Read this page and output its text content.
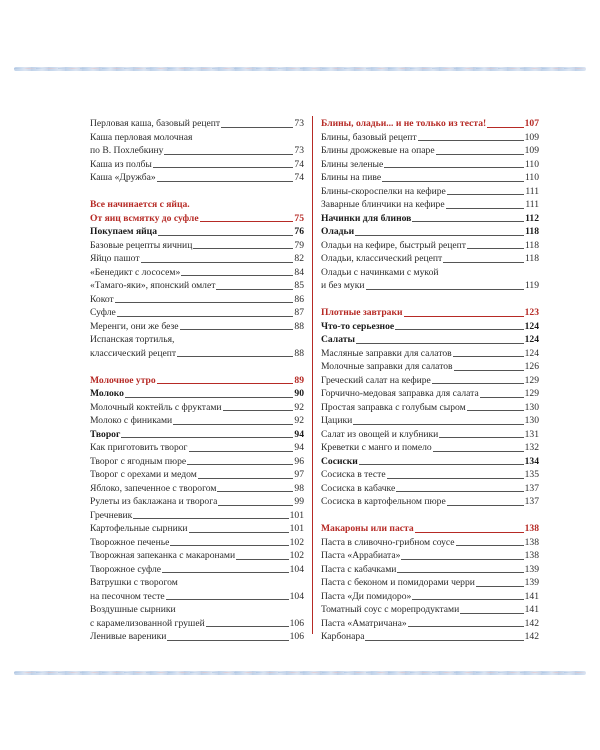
Перловая каша, базовый рецепт	73
Каша перловая молочная
по В. Похлебкину	73
Каша из полбы	74
Каша «Дружба»	74
Все начинается с яйца.
От яиц всмятку до суфле	75
Покупаем яйца	76
Базовые рецепты яичниц	79
Яйцо пашот	82
«Бенедикт с лососем»	84
«Тамаго-яки», японский омлет	85
Кокот	86
Суфле	87
Меренги, они же безе	88
Испанская тортилья,
классический рецепт	88
Молочное утро	89
Молоко	90
Молочный коктейль с фруктами	92
Молоко с финиками	92
Творог	94
Как приготовить творог	94
Творог с ягодным пюре	96
Творог с орехами и медом	97
Яблоко, запеченное с творогом	98
Рулеты из баклажана и творога	99
Гречневик	101
Картофельные сырники	101
Творожное печенье	102
Творожная запеканка с макаронами	102
Творожное суфле	104
Ватрушки с творогом
на песочном тесте	104
Воздушные сырники
с карамелизованной грушей	106
Ленивые вареники	106
Блины, оладьи... и не только из теста!	107
Блины, базовый рецепт	109
Блины дрожжевые на опаре	109
Блины зеленые	110
Блины на пиве	110
Блины-скороспелки на кефире	111
Заварные блинчики на кефире	111
Начинки для блинов	112
Оладьи	118
Оладьи на кефире, быстрый рецепт	118
Оладьи, классический рецепт	118
Оладьи с начинками с мукой
и без муки	119
Плотные завтраки	123
Что-то серьезное	124
Салаты	124
Масляные заправки для салатов	124
Молочные заправки для салатов	126
Греческий салат на кефире	129
Горчично-медовая заправка для салата	129
Простая заправка с голубым сыром	130
Цацики	130
Салат из овощей и клубники	131
Креветки с манго и помело	132
Сосиски	134
Сосиска в тесте	135
Сосиска в кабачке	137
Сосиска в картофельном пюре	137
Макароны или паста	138
Паста в сливочно-грибном соусе	138
Паста «Аррабиата»	138
Паста с кабачками	139
Паста с беконом и помидорами черри	139
Паста «Ди помидоро»	141
Томатный соус с морепродуктами	141
Паста «Аматричана»	142
Карбонара	142
